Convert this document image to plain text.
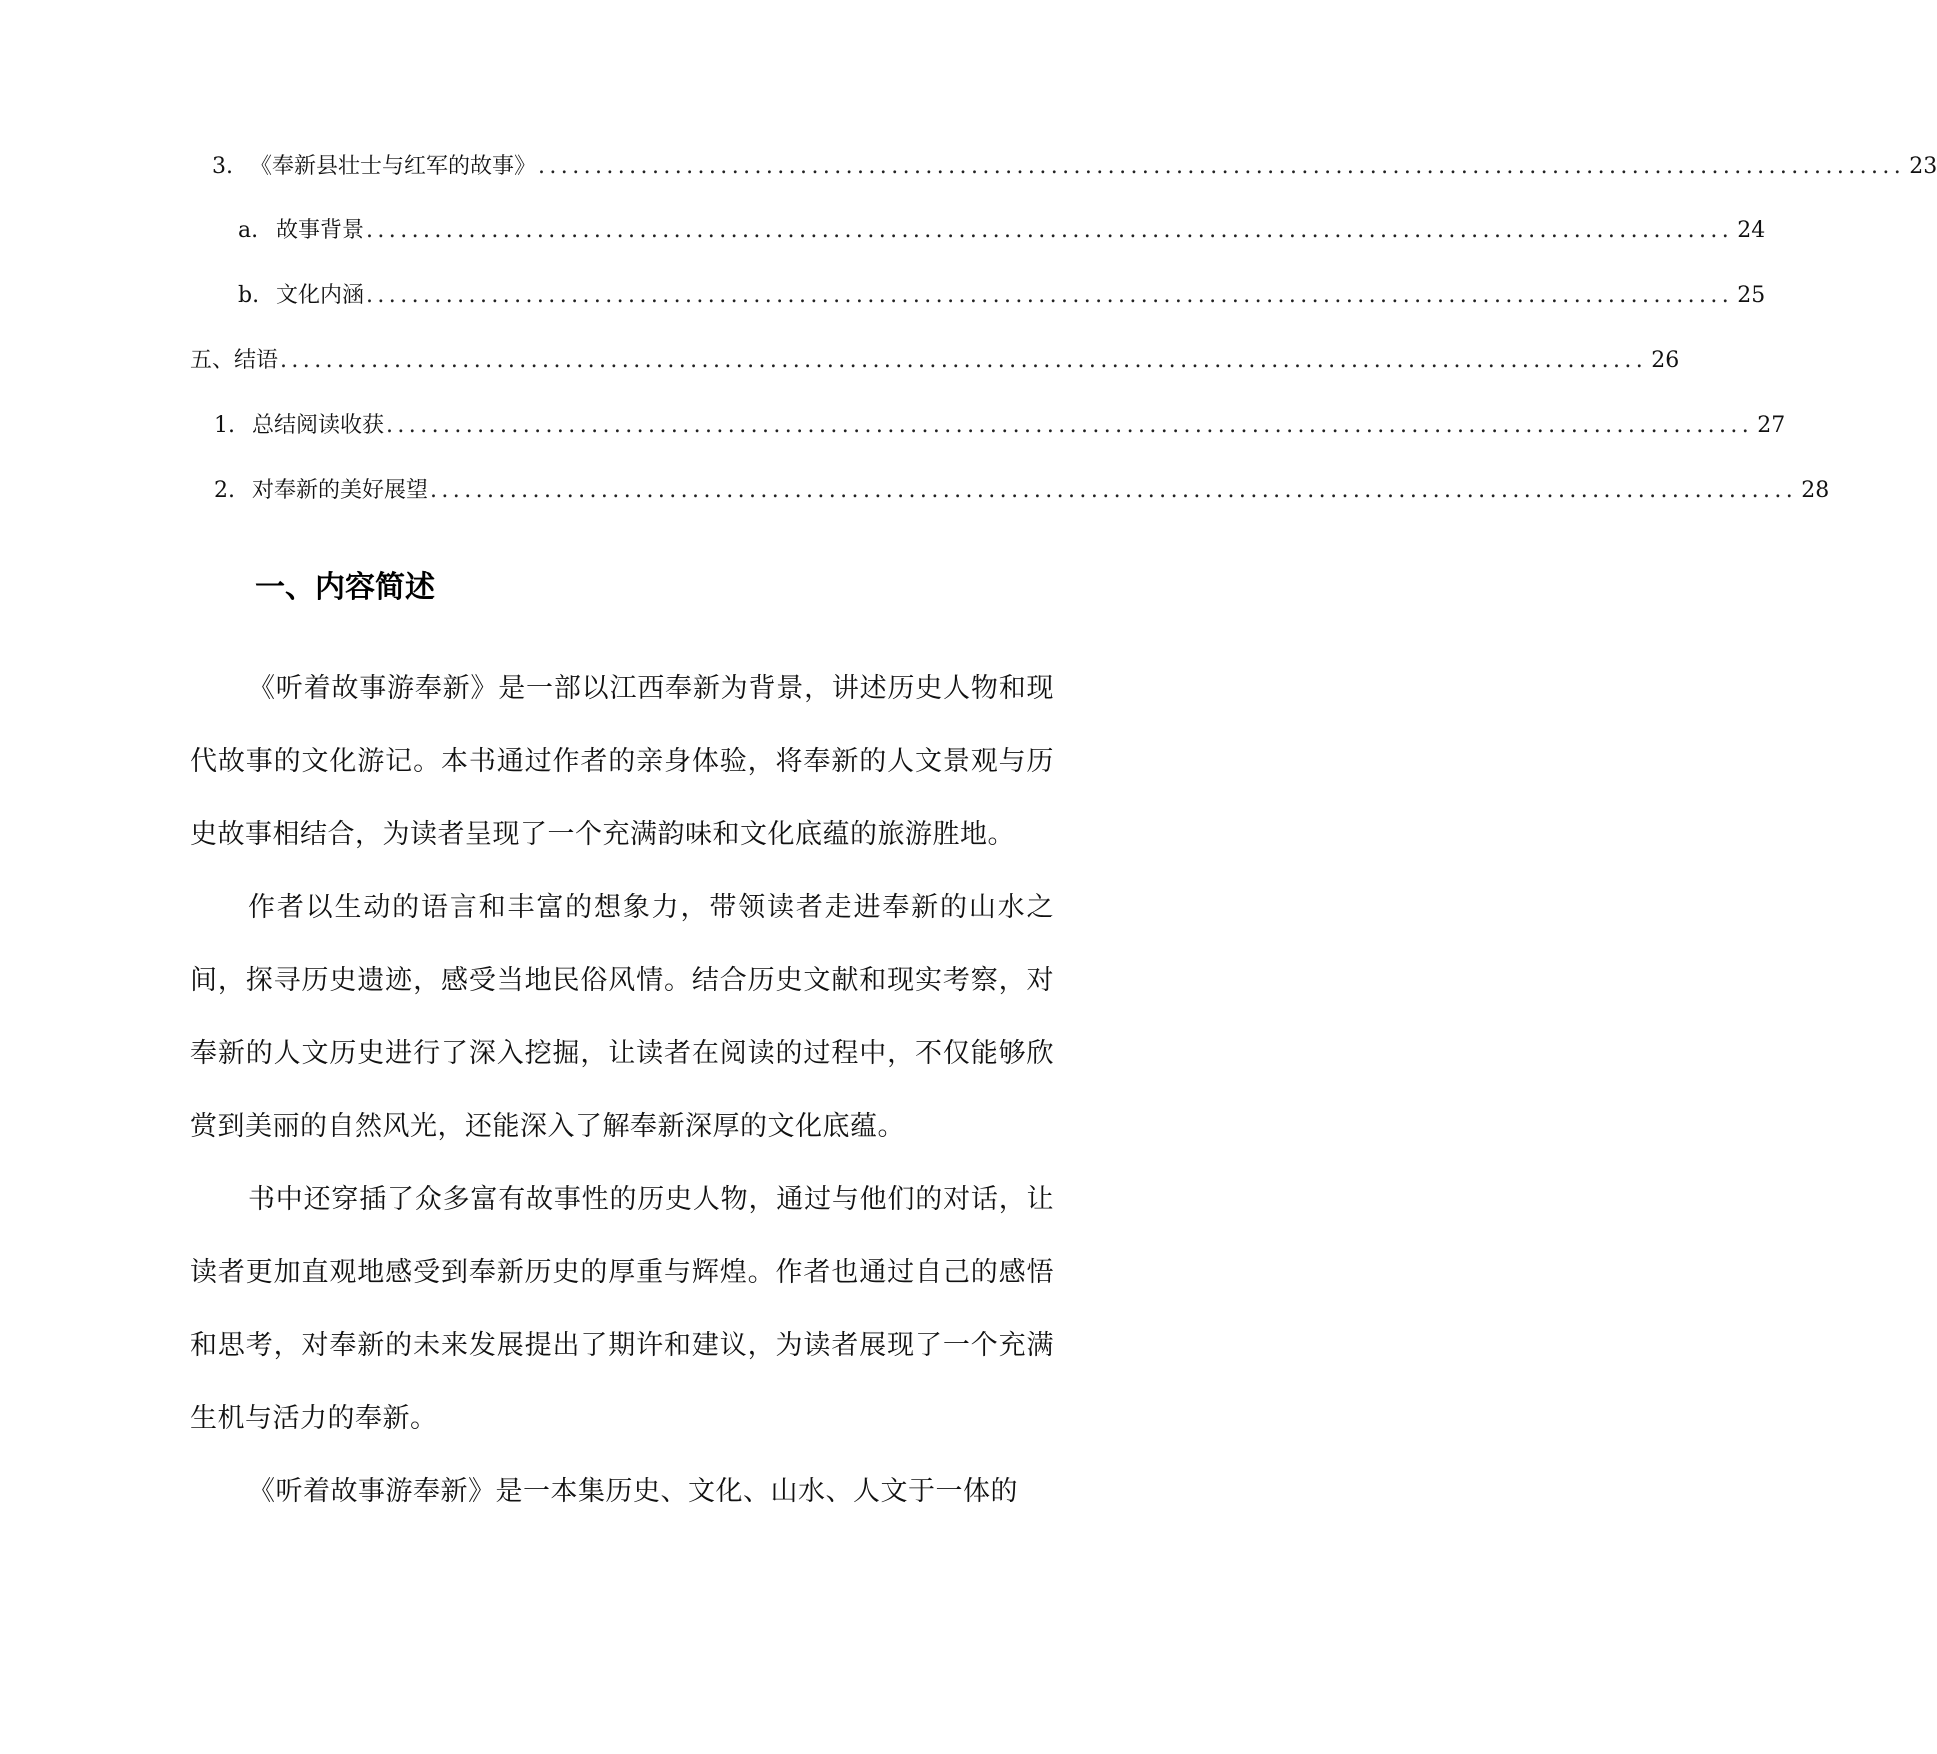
3. 《奉新县壮士与红军的故事》 ........................................................................................................................ 23
a. 故事背景 ........................................................................................................................ 24
b. 文化内涵 ........................................................................................................................ 25
五、结语 ........................................................................................................................ 26
1. 总结阅读收获 ........................................................................................................................ 27
2. 对奉新的美好展望 ........................................................................................................................ 28
一、内容简述

《听着故事游奉新》是一部以江西奉新为背景，讲述历史人物和现代故事的文化游记。本书通过作者的亲身体验，将奉新的人文景观与历史故事相结合，为读者呈现了一个充满韵味和文化底蕴的旅游胜地。

作者以生动的语言和丰富的想象力，带领读者走进奉新的山水之间，探寻历史遗迹，感受当地民俗风情。结合历史文献和现实考察，对奉新的人文历史进行了深入挖掘，让读者在阅读的过程中，不仅能够欣赏到美丽的自然风光，还能深入了解奉新深厚的文化底蕴。

书中还穿插了众多富有故事性的历史人物，通过与他们的对话，让读者更加直观地感受到奉新历史的厚重与辉煌。作者也通过自己的感悟和思考，对奉新的未来发展提出了期许和建议，为读者展现了一个充满生机与活力的奉新。

《听着故事游奉新》是一本集历史、文化、山水、人文于一体的
